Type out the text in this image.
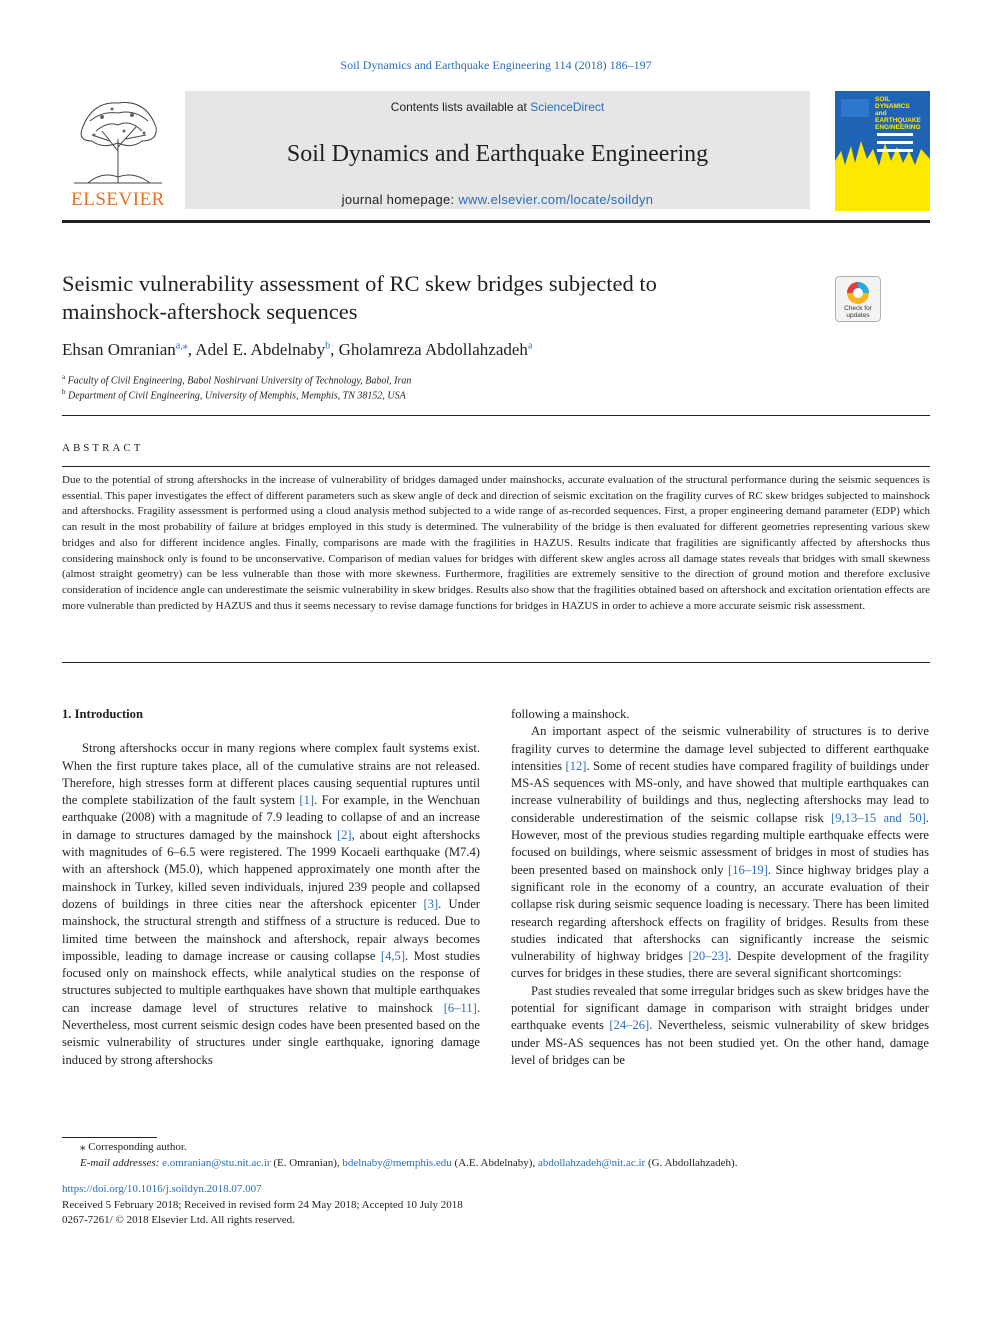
Soil Dynamics and Earthquake Engineering 114 (2018) 186–197
ELSEVIER
Contents lists available at ScienceDirect
Soil Dynamics and Earthquake Engineering
journal homepage: www.elsevier.com/locate/soildyn
SOIL
DYNAMICS
and
EARTHQUAKE
ENGINEERING
Seismic vulnerability assessment of RC skew bridges subjected to mainshock-aftershock sequences	Check for updates
Ehsan Omranian$^{a,⁎}$, Adel E. Abdelnaby$^b$, Gholamreza Abdollahzadeh$^a$
$^a$ Faculty of Civil Engineering, Babol Noshirvani University of Technology, Babol, Iran
$^b$ Department of Civil Engineering, University of Memphis, Memphis, TN 38152, USA
ABSTRACT
Due to the potential of strong aftershocks in the increase of vulnerability of bridges damaged under mainshocks, accurate evaluation of the structural performance during the seismic sequences is essential. This paper investigates the effect of different parameters such as skew angle of deck and direction of seismic excitation on the fragility curves of RC skew bridges subjected to mainshock and aftershocks. Fragility assessment is performed using a cloud analysis method subjected to a wide range of as-recorded sequences. First, a proper engineering demand parameter (EDP) which can result in the most probability of failure at bridges employed in this study is determined. The vulnerability of the bridge is then evaluated for different geometries representing various skew bridges and also for different incidence angles. Finally, comparisons are made with the fragilities in HAZUS. Results indicate that fragilities are significantly affected by aftershocks thus considering mainshock only is found to be unconservative. Comparison of median values for bridges with different skew angles across all damage states reveals that bridges with small skewness (almost straight geometry) can be less vulnerable than those with more skewness. Furthermore, fragilities are extremely sensitive to the direction of ground motion and therefore exclusive consideration of incidence angle can underestimate the seismic vulnerability in skew bridges. Results also show that the fragilities obtained based on aftershock and excitation orientation effects are more vulnerable than predicted by HAZUS and thus it seems necessary to revise damage functions for bridges in HAZUS in order to achieve a more accurate seismic risk assessment.
1. Introduction

Strong aftershocks occur in many regions where complex fault systems exist. When the first rupture takes place, all of the cumulative strains are not released. Therefore, high stresses form at different places causing sequential ruptures until the complete stabilization of the fault system [1]. For example, in the Wenchuan earthquake (2008) with a magnitude of 7.9 leading to collapse of and an increase in damage to structures damaged by the mainshock [2], about eight aftershocks with magnitudes of 6–6.5 were registered. The 1999 Kocaeli earthquake (M7.4) with an aftershock (M5.0), which happened approximately one month after the mainshock in Turkey, killed seven individuals, injured 239 people and collapsed dozens of buildings in three cities near the aftershock epicenter [3]. Under mainshock, the structural strength and stiffness of a structure is reduced. Due to limited time between the mainshock and aftershock, repair always becomes impossible, leading to damage increase or causing collapse [4,5]. Most studies focused only on mainshock effects, while analytical studies on the response of structures subjected to multiple earthquakes have shown that multiple earthquakes can increase damage level of structures relative to mainshock [6–11]. Nevertheless, most current seismic design codes have been presented based on the seismic vulnerability of structures under single earthquake, ignoring damage induced by strong aftershocks

following a mainshock.

An important aspect of the seismic vulnerability of structures is to derive fragility curves to determine the damage level subjected to different earthquake intensities [12]. Some of recent studies have compared fragility of buildings under MS-AS sequences with MS-only, and have showed that multiple earthquakes can increase vulnerability of buildings and thus, neglecting aftershocks may lead to considerable underestimation of the seismic collapse risk [9,13–15 and 50]. However, most of the previous studies regarding multiple earthquake effects were focused on buildings, where seismic assessment of bridges in most of studies has been presented based on mainshock only [16–19]. Since highway bridges play a significant role in the economy of a country, an accurate evaluation of their collapse risk during seismic sequence loading is necessary. There has been limited research regarding aftershock effects on fragility of bridges. Results from these studies indicated that aftershocks can significantly increase the seismic vulnerability of highway bridges [20–23]. Despite development of the fragility curves for bridges in these studies, there are several significant shortcomings:

Past studies revealed that some irregular bridges such as skew bridges have the potential for significant damage in comparison with straight bridges under earthquake events [24–26]. Nevertheless, seismic vulnerability of skew bridges under MS-AS sequences has not been studied yet. On the other hand, damage level of bridges can be

⁎ Corresponding author.
E-mail addresses: e.omranian@stu.nit.ac.ir (E. Omranian), bdelnaby@memphis.edu (A.E. Abdelnaby), abdollahzadeh@nit.ac.ir (G. Abdollahzadeh).
https://doi.org/10.1016/j.soildyn.2018.07.007
Received 5 February 2018; Received in revised form 24 May 2018; Accepted 10 July 2018
0267-7261/ © 2018 Elsevier Ltd. All rights reserved.
